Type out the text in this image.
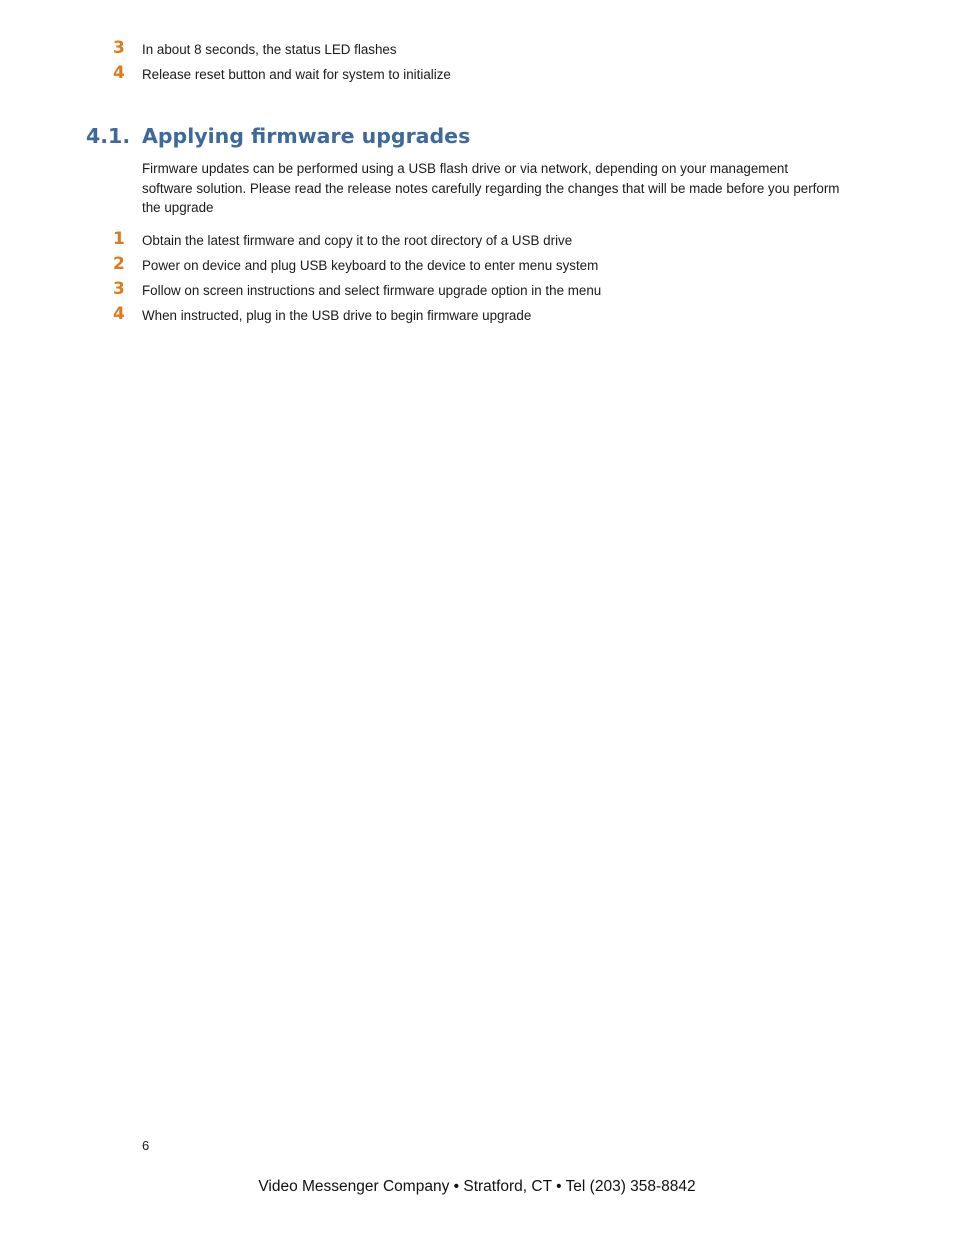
3	In about 8 seconds, the status LED flashes
4	Release reset button and wait for system to initialize
4.1. Applying firmware upgrades

Firmware updates can be performed using a USB flash drive or via network, depending on your management software solution. Please read the release notes carefully regarding the changes that will be made before you perform the upgrade

1	Obtain the latest firmware and copy it to the root directory of a USB drive
2	Power on device and plug USB keyboard to the device to enter menu system
3	Follow on screen instructions and select firmware upgrade option in the menu
4	When instructed, plug in the USB drive to begin firmware upgrade
6
Video Messenger Company • Stratford, CT • Tel (203) 358-8842
